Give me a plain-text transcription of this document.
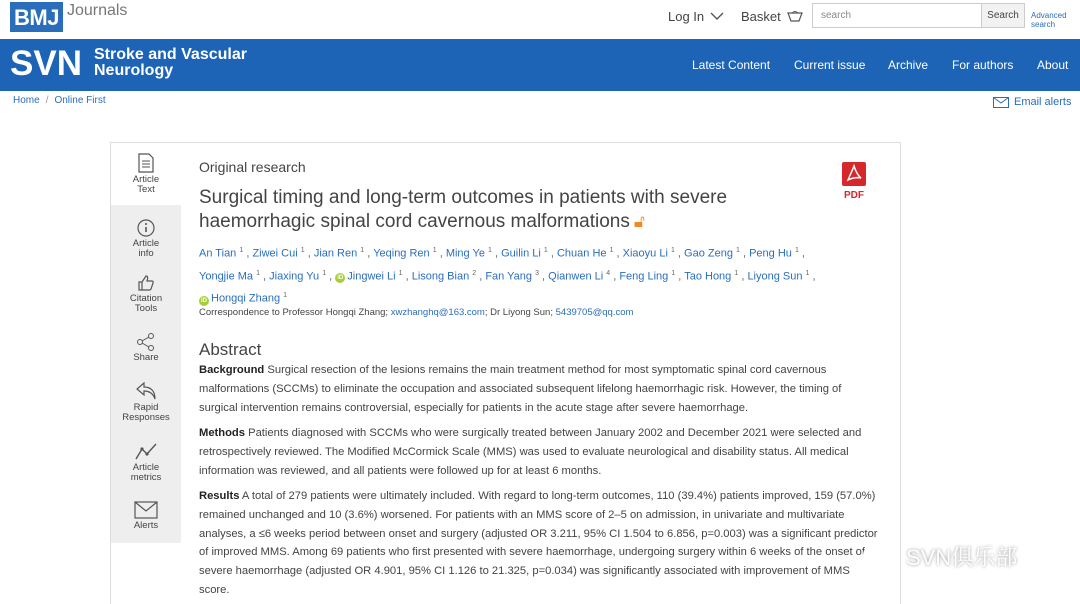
BMJ Journals	Log In	Basket	search	Search	Advanced search
SVN Stroke and Vascular
Neurology	Latest Content Current issue Archive For authors About
Home / Online First	Email alerts
Article
Text
Article
info
Citation
Tools
Share
Rapid
Responses
Article
metrics
Alerts
Original research
Surgical timing and long-term outcomes in patients with severe haemorrhagic spinal cord cavernous malformations 🔓︎
PDF
An Tian $^1$ , Ziwei Cui $^1$ , Jian Ren $^1$ , Yeqing Ren $^1$ , Ming Ye $^1$ , Guilin Li $^1$ , Chuan He $^1$ , Xiaoyu Li $^1$ , Gao Zeng $^1$ , Peng Hu $^1$ ,
Yongjie Ma $^1$ , Jiaxing Yu $^1$ , iD Jingwei Li $^1$ , Lisong Bian $^2$ , Fan Yang $^3$ , Qianwen Li $^4$ , Feng Ling $^1$ , Tao Hong $^1$ , Liyong Sun $^1$ ,
iD Hongqi Zhang $^1$
Correspondence to Professor Hongqi Zhang; xwzhanghq@163.com; Dr Liyong Sun; 5439705@qq.com
Abstract
Background Surgical resection of the lesions remains the main treatment method for most symptomatic spinal cord cavernous malformations (SCCMs) to eliminate the occupation and associated subsequent lifelong haemorrhagic risk. However, the timing of surgical intervention remains controversial, especially for patients in the acute stage after severe haemorrhage.
Methods Patients diagnosed with SCCMs who were surgically treated between January 2002 and December 2021 were selected and retrospectively reviewed. The Modified McCormick Scale (MMS) was used to evaluate neurological and disability status. All medical information was reviewed, and all patients were followed up for at least 6 months.
Results A total of 279 patients were ultimately included. With regard to long-term outcomes, 110 (39.4%) patients improved, 159 (57.0%) remained unchanged and 10 (3.6%) worsened. For patients with an MMS score of 2–5 on admission, in univariate and multivariate analyses, a ≤6 weeks period between onset and surgery (adjusted OR 3.211, 95% CI 1.504 to 6.856, p=0.003) was a significant predictor of improved MMS. Among 69 patients who first presented with severe haemorrhage, undergoing surgery within 6 weeks of the onset of severe haemorrhage (adjusted OR 4.901, 95% CI 1.126 to 21.325, p=0.034) was significantly associated with improvement of MMS score.
SVN俱乐部
